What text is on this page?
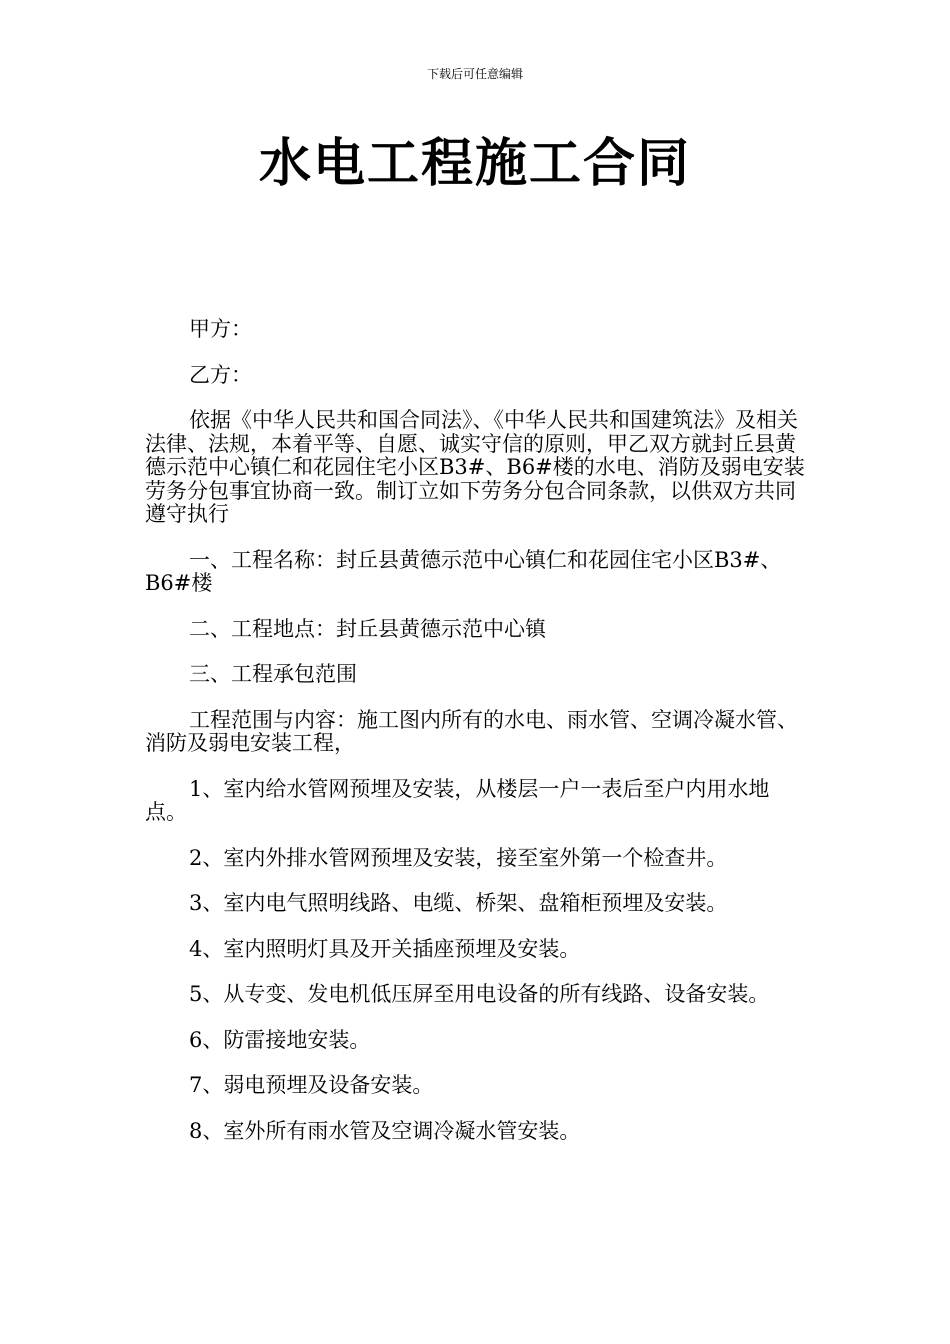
下载后可任意编辑
水电工程施工合同

甲方：

乙方：

依据《中华人民共和国合同法》、《中华人民共和国建筑法》及相关法律、法规，本着平等、自愿、诚实守信的原则，甲乙双方就封丘县黄德示范中心镇仁和花园住宅小区B3#、B6#楼的水电、消防及弱电安装劳务分包事宜协商一致。制订立如下劳务分包合同条款，以供双方共同遵守执行

一、工程名称：封丘县黄德示范中心镇仁和花园住宅小区B3#、B6#楼

二、工程地点：封丘县黄德示范中心镇

三、工程承包范围

工程范围与内容：施工图内所有的水电、雨水管、空调冷凝水管、消防及弱电安装工程，

1、室内给水管网预埋及安装，从楼层一户一表后至户内用水地点。

2、室内外排水管网预埋及安装，接至室外第一个检查井。

3、室内电气照明线路、电缆、桥架、盘箱柜预埋及安装。

4、室内照明灯具及开关插座预埋及安装。

5、从专变、发电机低压屏至用电设备的所有线路、设备安装。

6、防雷接地安装。

7、弱电预埋及设备安装。

8、室外所有雨水管及空调冷凝水管安装。
